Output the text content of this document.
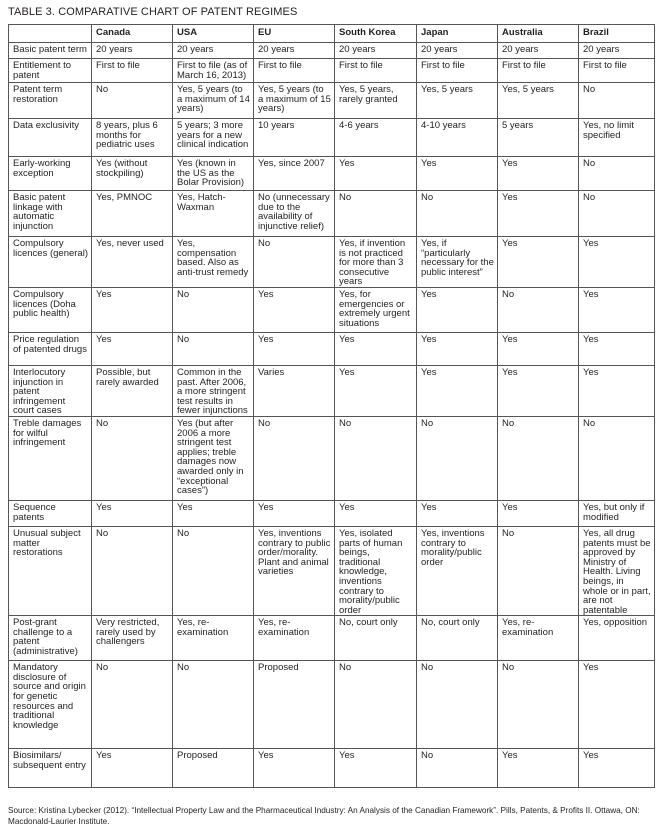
TABLE 3. COMPARATIVE CHART OF PATENT REGIMES
	Canada	USA	EU	South Korea	Japan	Australia	Brazil
Basic patent term	20 years	20 years	20 years	20 years	20 years	20 years	20 years
Entitlement to patent	First to file	First to file (as of March 16, 2013)	First to file	First to file	First to file	First to file	First to file
Patent term restoration	No	Yes, 5 years (to a maximum of 14 years)	Yes, 5 years (to a maximum of 15 years)	Yes, 5 years, rarely granted	Yes, 5 years	Yes, 5 years	No
Data exclusivity	8 years, plus 6 months for pediatric uses	5 years; 3 more years for a new clinical indication	10 years	4-6 years	4-10 years	5 years	Yes, no limit specified
Early-working exception	Yes (without stockpiling)	Yes (known in the US as the Bolar Provision)	Yes, since 2007	Yes	Yes	Yes	No
Basic patent linkage with automatic injunction	Yes, PMNOC	Yes, Hatch-Waxman	No (unnecessary due to the availability of injunctive relief)	No	No	Yes	No
Compulsory licences (general)	Yes, never used	Yes, compensation based. Also as anti-trust remedy	No	Yes, if invention is not practiced for more than 3 consecutive years	Yes, if “particularly necessary for the public interest”	Yes	Yes
Compulsory licences (Doha public health)	Yes	No	Yes	Yes, for emergencies or extremely urgent situations	Yes	No	Yes
Price regulation of patented drugs	Yes	No	Yes	Yes	Yes	Yes	Yes
Interlocutory injunction in patent infringement court cases	Possible, but rarely awarded	Common in the past. After 2006, a more stringent test results in fewer injunctions	Varies	Yes	Yes	Yes	Yes
Treble damages for wilful infringement	No	Yes (but after 2006 a more stringent test applies; treble damages now awarded only in “exceptional cases”)	No	No	No	No	No
Sequence patents	Yes	Yes	Yes	Yes	Yes	Yes	Yes, but only if modified
Unusual subject matter restorations	No	No	Yes, inventions contrary to public order/morality. Plant and animal varieties	Yes, isolated parts of human beings, traditional knowledge, inventions contrary to morality/public order	Yes, inventions contrary to morality/public order	No	Yes, all drug patents must be approved by Ministry of Health. Living beings, in whole or in part, are not patentable
Post-grant challenge to a patent (administrative)	Very restricted, rarely used by challengers	Yes, re-examination	Yes, re-examination	No, court only	No, court only	Yes, re-examination	Yes, opposition
Mandatory disclosure of source and origin for genetic resources and traditional knowledge	No	No	Proposed	No	No	No	Yes
Biosimilars/ subsequent entry	Yes	Proposed	Yes	Yes	No	Yes	Yes
Source: Kristina Lybecker (2012). “Intellectual Property Law and the Pharmaceutical Industry: An Analysis of the Canadian Framework”. Pills, Patents, & Profits II. Ottawa, ON: Macdonald-Laurier Institute.
